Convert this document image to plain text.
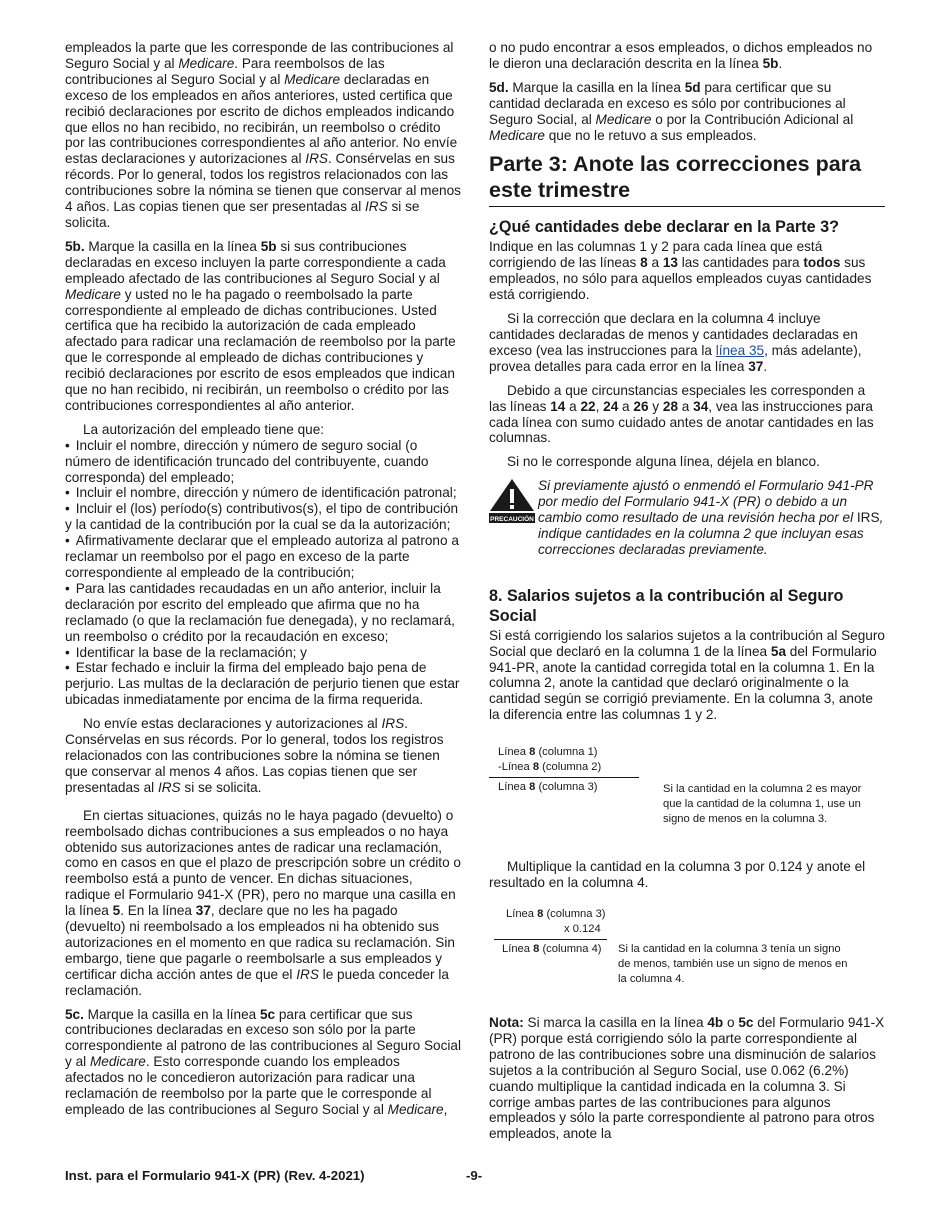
empleados la parte que les corresponde de las contribuciones al Seguro Social y al Medicare. Para reembolsos de las contribuciones al Seguro Social y al Medicare declaradas en exceso de los empleados en años anteriores, usted certifica que recibió declaraciones por escrito de dichos empleados indicando que ellos no han recibido, no recibirán, un reembolso o crédito por las contribuciones correspondientes al año anterior. No envíe estas declaraciones y autorizaciones al IRS. Consérvelas en sus récords. Por lo general, todos los registros relacionados con las contribuciones sobre la nómina se tienen que conservar al menos 4 años. Las copias tienen que ser presentadas al IRS si se solicita.

5b. Marque la casilla en la línea 5b si sus contribuciones declaradas en exceso incluyen la parte correspondiente a cada empleado afectado de las contribuciones al Seguro Social y al Medicare y usted no le ha pagado o reembolsado la parte correspondiente al empleado de dichas contribuciones. Usted certifica que ha recibido la autorización de cada empleado afectado para radicar una reclamación de reembolso por la parte que le corresponde al empleado de dichas contribuciones y recibió declaraciones por escrito de esos empleados que indican que no han recibido, ni recibirán, un reembolso o crédito por las contribuciones correspondientes al año anterior.

La autorización del empleado tiene que:

• Incluir el nombre, dirección y número de seguro social (o número de identificación truncado del contribuyente, cuando corresponda) del empleado;

• Incluir el nombre, dirección y número de identificación patronal;

• Incluir el (los) período(s) contributivos(s), el tipo de contribución y la cantidad de la contribución por la cual se da la autorización;

• Afirmativamente declarar que el empleado autoriza al patrono a reclamar un reembolso por el pago en exceso de la parte correspondiente al empleado de la contribución;

• Para las cantidades recaudadas en un año anterior, incluir la declaración por escrito del empleado que afirma que no ha reclamado (o que la reclamación fue denegada), y no reclamará, un reembolso o crédito por la recaudación en exceso;

• Identificar la base de la reclamación; y

• Estar fechado e incluir la firma del empleado bajo pena de perjurio. Las multas de la declaración de perjurio tienen que estar ubicadas inmediatamente por encima de la firma requerida.

No envíe estas declaraciones y autorizaciones al IRS. Consérvelas en sus récords. Por lo general, todos los registros relacionados con las contribuciones sobre la nómina se tienen que conservar al menos 4 años. Las copias tienen que ser presentadas al IRS si se solicita.

En ciertas situaciones, quizás no le haya pagado (devuelto) o reembolsado dichas contribuciones a sus empleados o no haya obtenido sus autorizaciones antes de radicar una reclamación, como en casos en que el plazo de prescripción sobre un crédito o reembolso está a punto de vencer. En dichas situaciones, radique el Formulario 941-X (PR), pero no marque una casilla en la línea 5. En la línea 37, declare que no les ha pagado (devuelto) ni reembolsado a los empleados ni ha obtenido sus autorizaciones en el momento en que radica su reclamación. Sin embargo, tiene que pagarle o reembolsarle a sus empleados y certificar dicha acción antes de que el IRS le pueda conceder la reclamación.

5c. Marque la casilla en la línea 5c para certificar que sus contribuciones declaradas en exceso son sólo por la parte correspondiente al patrono de las contribuciones al Seguro Social y al Medicare. Esto corresponde cuando los empleados afectados no le concedieron autorización para radicar una reclamación de reembolso por la parte que le corresponde al empleado de las contribuciones al Seguro Social y al Medicare,

o no pudo encontrar a esos empleados, o dichos empleados no le dieron una declaración descrita en la línea 5b.

5d. Marque la casilla en la línea 5d para certificar que su cantidad declarada en exceso es sólo por contribuciones al Seguro Social, al Medicare o por la Contribución Adicional al Medicare que no le retuvo a sus empleados.

Parte 3: Anote las correcciones para este trimestre
¿Qué cantidades debe declarar en la Parte 3?

Indique en las columnas 1 y 2 para cada línea que está corrigiendo de las líneas 8 a 13 las cantidades para todos sus empleados, no sólo para aquellos empleados cuyas cantidades está corrigiendo.

Si la corrección que declara en la columna 4 incluye cantidades declaradas de menos y cantidades declaradas en exceso (vea las instrucciones para la línea 35, más adelante), provea detalles para cada error en la línea 37.

Debido a que circunstancias especiales les corresponden a las líneas 14 a 22, 24 a 26 y 28 a 34, vea las instrucciones para cada línea con sumo cuidado antes de anotar cantidades en las columnas.

Si no le corresponde alguna línea, déjela en blanco.

PRECAUCIÓN

Si previamente ajustó o enmendó el Formulario 941-PR por medio del Formulario 941-X (PR) o debido a un cambio como resultado de una revisión hecha por el IRS, indique cantidades en la columna 2 que incluyan esas correcciones declaradas previamente.

8. Salarios sujetos a la contribución al Seguro Social

Si está corrigiendo los salarios sujetos a la contribución al Seguro Social que declaró en la columna 1 de la línea 5a del Formulario 941-PR, anote la cantidad corregida total en la columna 1. En la columna 2, anote la cantidad que declaró originalmente o la cantidad según se corrigió previamente. En la columna 3, anote la diferencia entre las columnas 1 y 2.

Línea 8 (columna 1)
-Línea 8 (columna 2)
Línea 8 (columna 3)	Si la cantidad en la columna 2 es mayor que la cantidad de la columna 1, use un signo de menos en la columna 3.

Multiplique la cantidad en la columna 3 por 0.124 y anote el resultado en la columna 4.

Línea 8 (columna 3)
x 0.124
Línea 8 (columna 4) Si la cantidad en la columna 3 tenía un signo de menos, también use un signo de menos en la columna 4.

Nota: Si marca la casilla en la línea 4b o 5c del Formulario 941-X (PR) porque está corrigiendo sólo la parte correspondiente al patrono de las contribuciones sobre una disminución de salarios sujetos a la contribución al Seguro Social, use 0.062 (6.2%) cuando multiplique la cantidad indicada en la columna 3. Si corrige ambas partes de las contribuciones para algunos empleados y sólo la parte correspondiente al patrono para otros empleados, anote la

Inst. para el Formulario 941-X (PR) (Rev. 4-2021)	-9-
